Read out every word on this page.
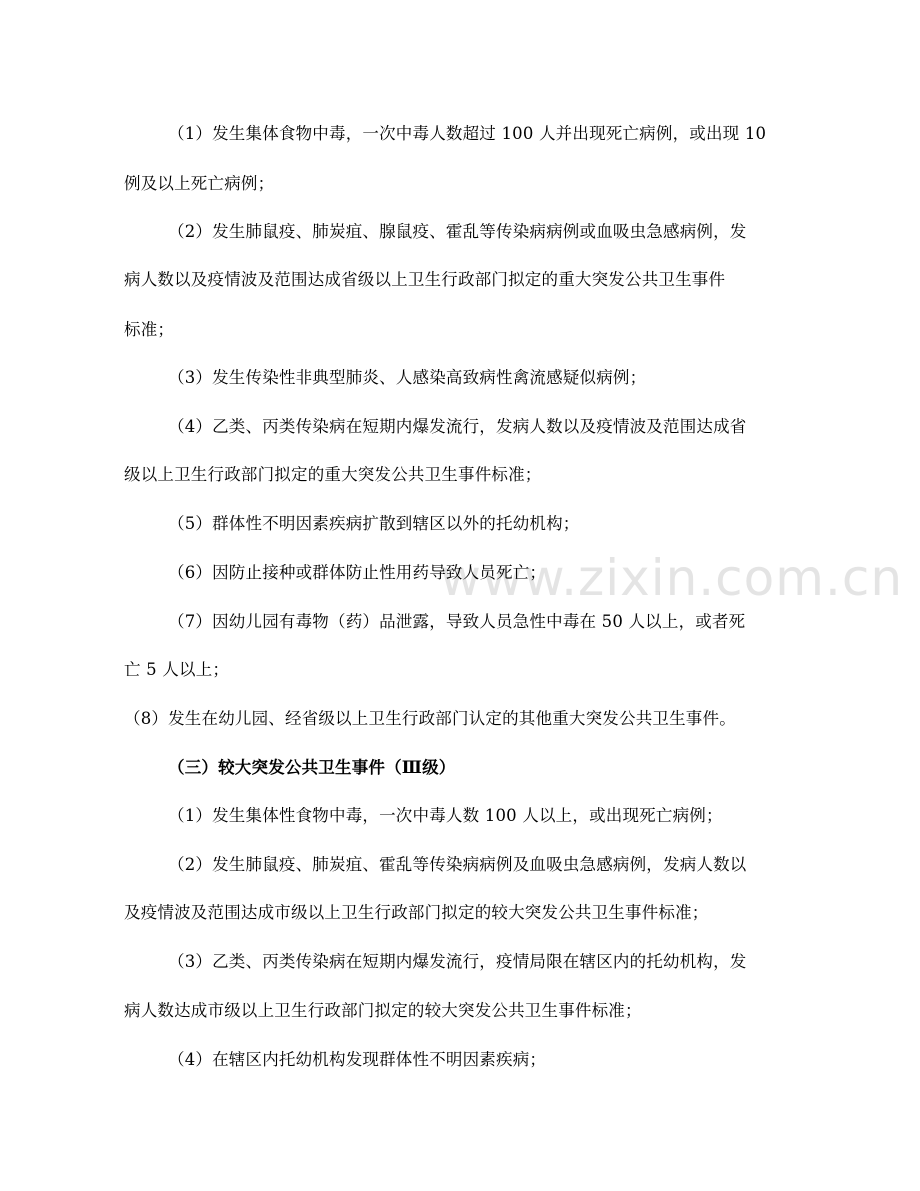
www.zixin.com.cn

（1）发生集体食物中毒，一次中毒人数超过 100 人并出现死亡病例，或出现 10

例及以上死亡病例；

（2）发生肺鼠疫、肺炭疽、腺鼠疫、霍乱等传染病病例或血吸虫急感病例，发

病人数以及疫情波及范围达成省级以上卫生行政部门拟定的重大突发公共卫生事件

标准；

（3）发生传染性非典型肺炎、人感染高致病性禽流感疑似病例；

（4）乙类、丙类传染病在短期内爆发流行，发病人数以及疫情波及范围达成省

级以上卫生行政部门拟定的重大突发公共卫生事件标准；

（5）群体性不明因素疾病扩散到辖区以外的托幼机构；

（6）因防止接种或群体防止性用药导致人员死亡；

（7）因幼儿园有毒物（药）品泄露，导致人员急性中毒在 50 人以上，或者死

亡 5 人以上；

（8）发生在幼儿园、经省级以上卫生行政部门认定的其他重大突发公共卫生事件。

（三）较大突发公共卫生事件（Ⅲ级）

（1）发生集体性食物中毒，一次中毒人数 100 人以上，或出现死亡病例；

（2）发生肺鼠疫、肺炭疽、霍乱等传染病病例及血吸虫急感病例，发病人数以

及疫情波及范围达成市级以上卫生行政部门拟定的较大突发公共卫生事件标准；

（3）乙类、丙类传染病在短期内爆发流行，疫情局限在辖区内的托幼机构，发

病人数达成市级以上卫生行政部门拟定的较大突发公共卫生事件标准；

（4）在辖区内托幼机构发现群体性不明因素疾病；
